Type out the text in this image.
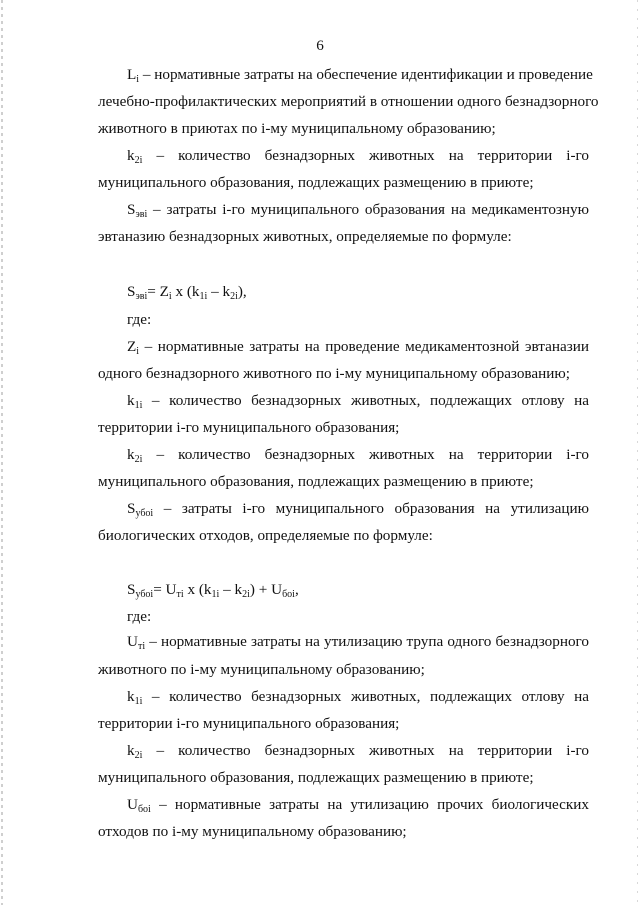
6
$L_i$ – нормативные затраты на обеспечение идентификации и проведение
лечебно-профилактических мероприятий в отношении одного безнадзорного
животного в приютах по i-му муниципальному образованию;
$k_{2i}$ – количество безнадзорных животных на территории i-го
муниципального образования, подлежащих размещению в приюте;
$S_{эвi}$ – затраты i-го муниципального образования на медикаментозную
эвтаназию безнадзорных животных, определяемые по формуле:
$S_{эвi}= Z_i$ x $(k_{1i} - k_{2i})$,
где:
$Z_i$ – нормативные затраты на проведение медикаментозной эвтаназии
одного безнадзорного животного по i-му муниципальному образованию;
$k_{1i}$ – количество безнадзорных животных, подлежащих отлову на
территории i-го муниципального образования;
$k_{2i}$ – количество безнадзорных животных на территории i-го
муниципального образования, подлежащих размещению в приюте;
$S_{убоi}$ – затраты i-го муниципального образования на утилизацию
биологических отходов, определяемые по формуле:
$S_{убоi}= U_{тi}$ x $(k_{1i} - k_{2i}) + U_{боi}$,
где:
$U_{тi}$ – нормативные затраты на утилизацию трупа одного безнадзорного
животного по i-му муниципальному образованию;
$k_{1i}$ – количество безнадзорных животных, подлежащих отлову на
территории i-го муниципального образования;
$k_{2i}$ – количество безнадзорных животных на территории i-го
муниципального образования, подлежащих размещению в приюте;
$U_{боi}$ – нормативные затраты на утилизацию прочих биологических
отходов по i-му муниципальному образованию;
